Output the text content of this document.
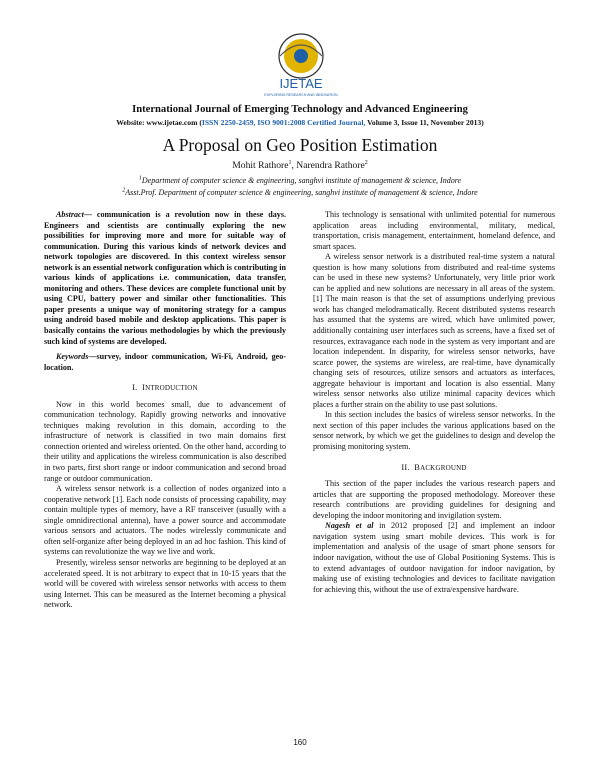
IJETAE
EXPLORING RESEARCH AND INNOVATION
International Journal of Emerging Technology and Advanced Engineering
Website: www.ijetae.com (ISSN 2250-2459, ISO 9001:2008 Certified Journal, Volume 3, Issue 11, November 2013)
A Proposal on Geo Position Estimation
Mohit Rathore$^1$, Narendra Rathore$^2$
$^1$Department of computer science & engineering, sanghvi institute of management & science, Indore
$^2$Asst.Prof. Department of computer science & engineering, sanghvi institute of management & science, Indore

Abstract— communication is a revolution now in these days. Engineers and scientists are continually exploring the new possibilities for improving more and more for suitable way of communication. During this various kinds of network devices and network topologies are discovered. In this context wireless sensor network is an essential network configuration which is contributing in various kinds of applications i.e. communication, data transfer, monitoring and others. These devices are complete functional unit by using CPU, battery power and similar other functionalities. This paper presents a unique way of monitoring strategy for a campus using android based mobile and desktop applications. This paper is basically contains the various methodologies by which the previously such kind of systems are developed.

Keywords—survey, indoor communication, Wi-Fi, Android, geo-location.

I. INTRODUCTION

Now in this world becomes small, due to advancement of communication technology. Rapidly growing networks and innovative techniques making revolution in this domain, according to the infrastructure of network is classified in two main domains first connection oriented and wireless oriented. On the other hand, according to their utility and applications the wireless communication is also described in two parts, first short range or indoor communication and second broad range or outdoor communication.

A wireless sensor network is a collection of nodes organized into a cooperative network [1]. Each node consists of processing capability, may contain multiple types of memory, have a RF transceiver (usually with a single omnidirectional antenna), have a power source and accommodate various sensors and actuators. The nodes wirelessly communicate and often self-organize after being deployed in an ad hoc fashion. This kind of systems can revolutionize the way we live and work.

Presently, wireless sensor networks are beginning to be deployed at an accelerated speed. It is not arbitrary to expect that in 10-15 years that the world will be covered with wireless sensor networks with access to them using Internet. This can be measured as the Internet becoming a physical network.

This technology is sensational with unlimited potential for numerous application areas including environmental, military, medical, transportation, crisis management, entertainment, homeland defence, and smart spaces.

A wireless sensor network is a distributed real-time system a natural question is how many solutions from distributed and real-time systems can be used in these new systems? Unfortunately, very little prior work can be applied and new solutions are necessary in all areas of the system. [1] The main reason is that the set of assumptions underlying previous work has changed melodramatically. Recent distributed systems research has assumed that the systems are wired, which have unlimited power, additionally containing user interfaces such as screens, have a fixed set of resources, extravagance each node in the system as very important and are location independent. In disparity, for wireless sensor networks, have scarce power, the systems are wireless, are real-time, have dynamically changing sets of resources, utilize sensors and actuators as interfaces, aggregate behaviour is important and location is also essential. Many wireless sensor networks also utilize minimal capacity devices which places a further strain on the ability to use past solutions.

In this section includes the basics of wireless sensor networks. In the next section of this paper includes the various applications based on the sensor network, by which we get the guidelines to design and develop the promising monitoring system.

II. BACKGROUND

This section of the paper includes the various research papers and articles that are supporting the proposed methodology. Moreover these research contributions are providing guidelines for designing and developing the indoor monitoring and invigilation system.

Nagesh et al in 2012 proposed [2] and implement an indoor navigation system using smart mobile devices. This work is for implementation and analysis of the usage of smart phone sensors for indoor navigation, without the use of Global Positioning Systems. This is to extend advantages of outdoor navigation for indoor navigation, by making use of existing technologies and devices to facilitate navigation for achieving this, without the use of extra/expensive hardware.

160
